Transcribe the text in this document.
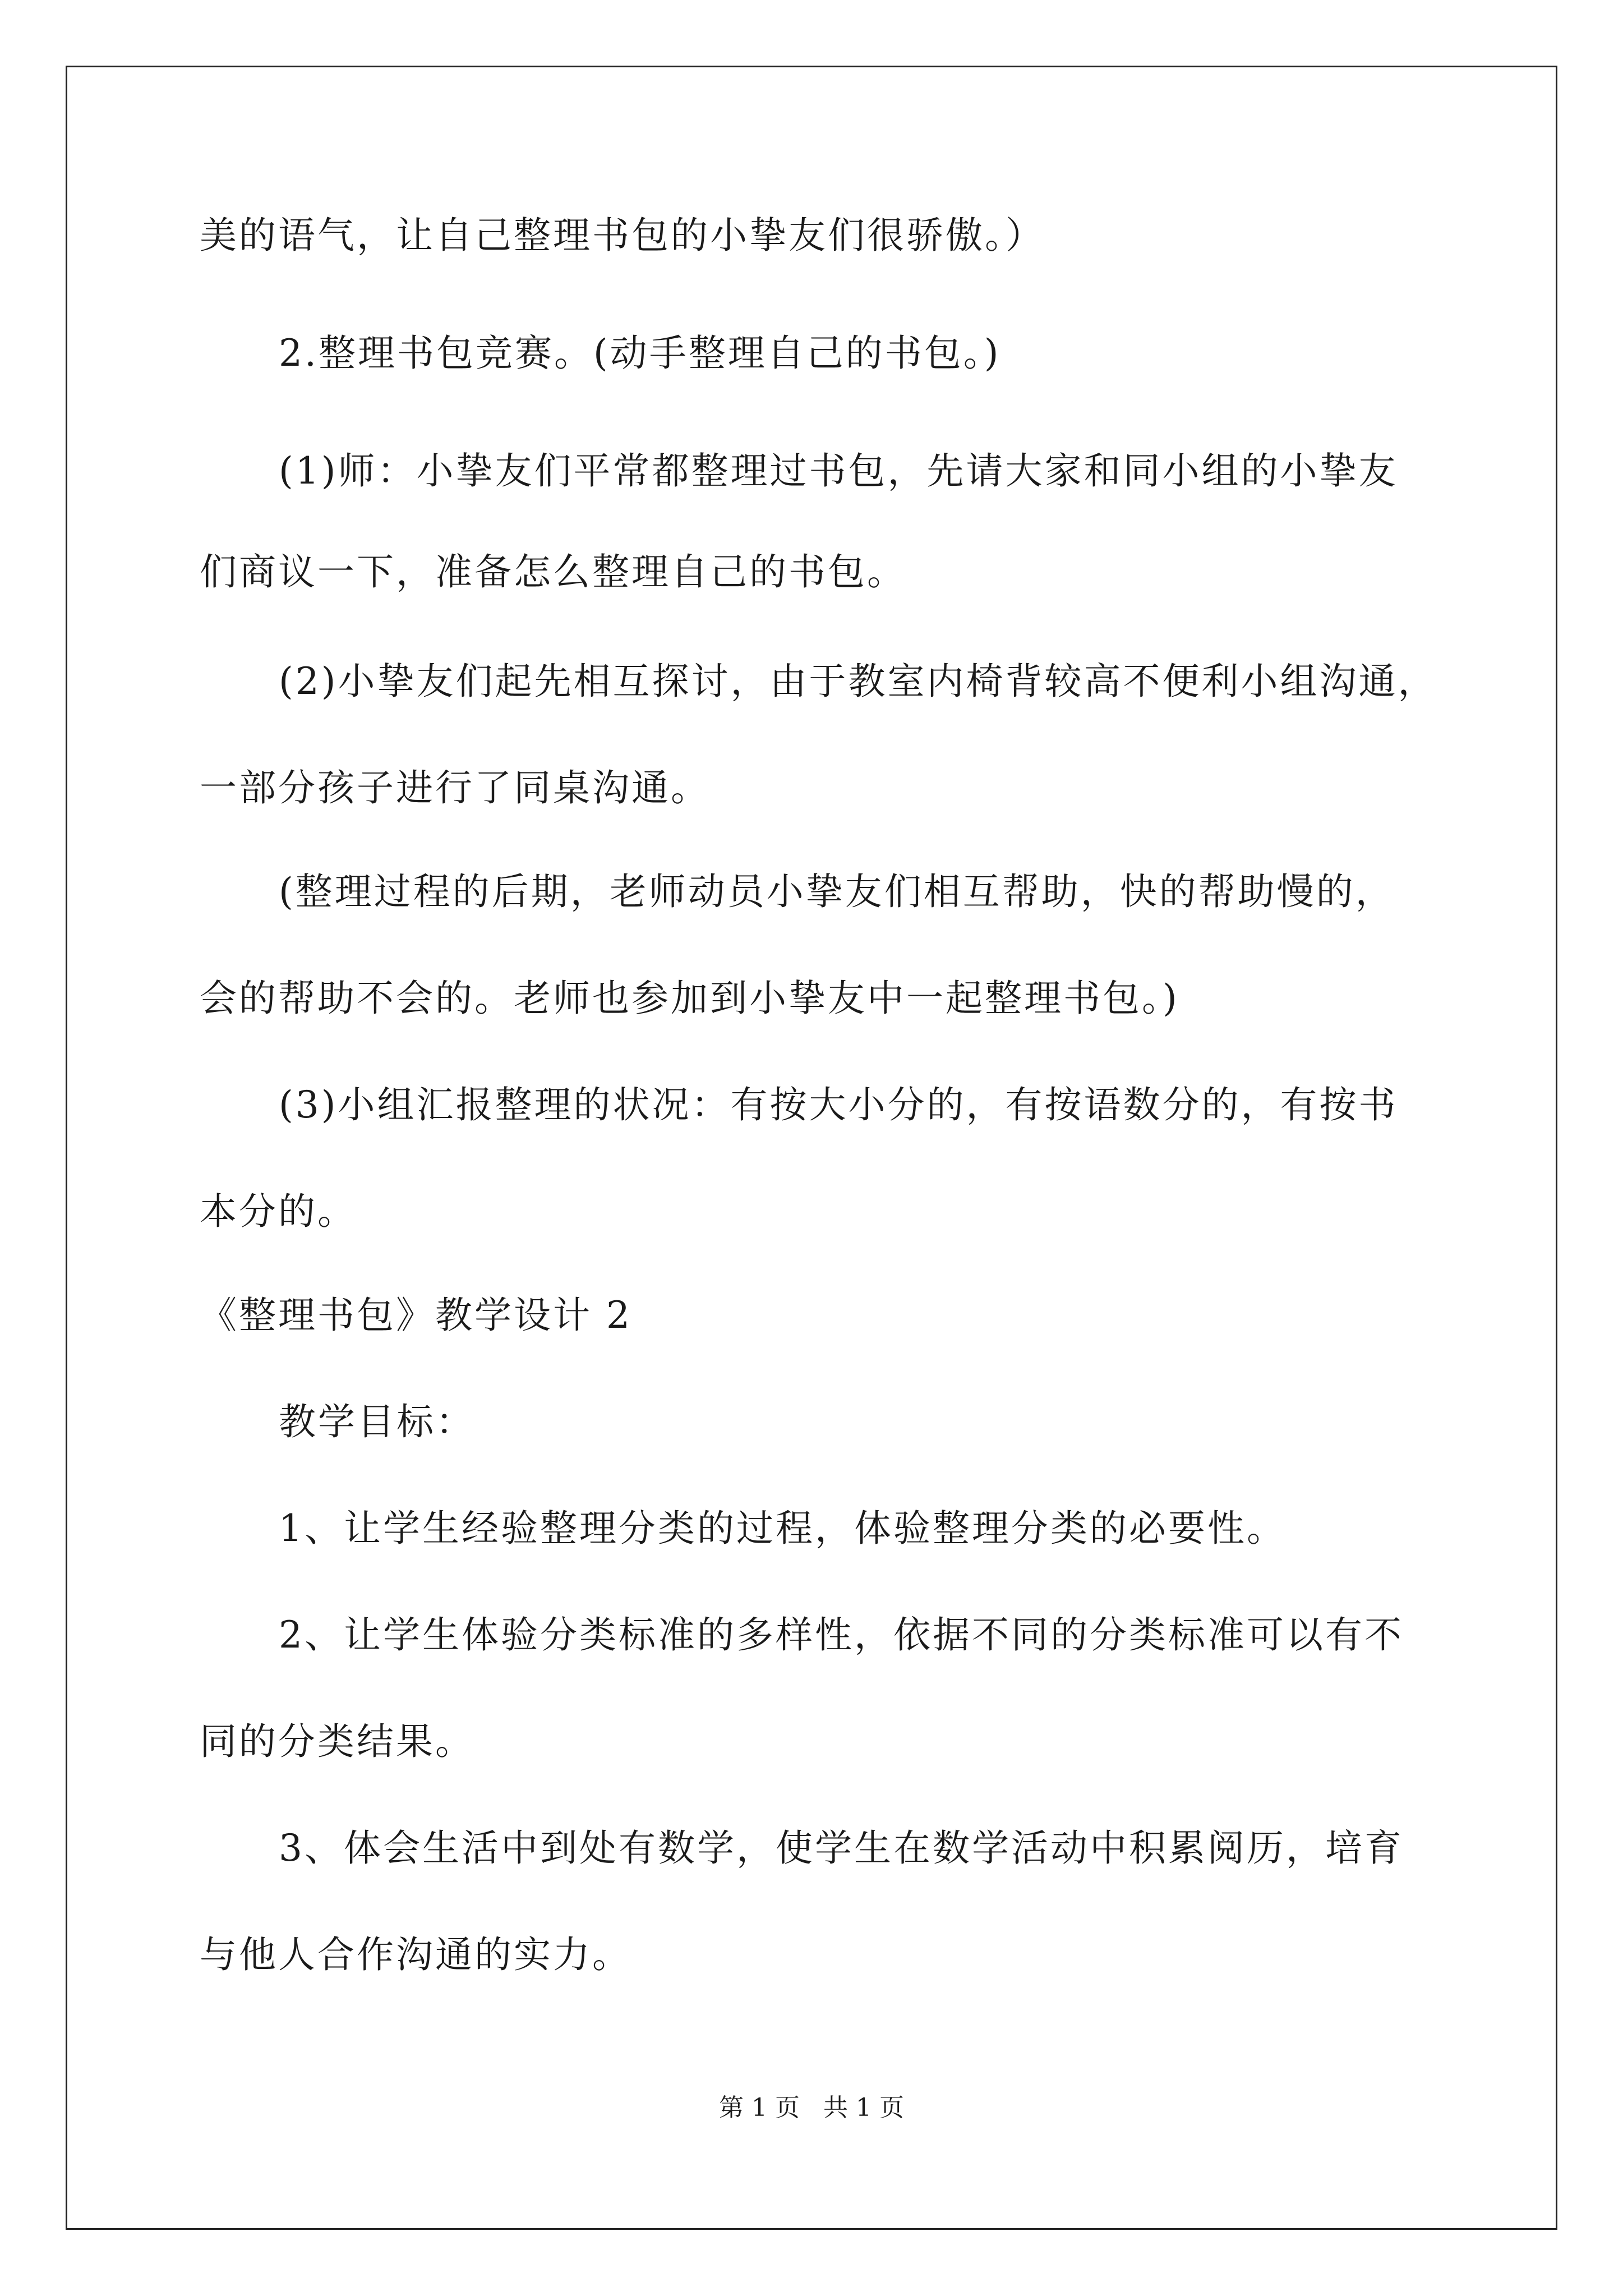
美的语气，让自己整理书包的小挚友们很骄傲。）
2.整理书包竞赛。(动手整理自己的书包。)
(1)师：小挚友们平常都整理过书包，先请大家和同小组的小挚友
们商议一下，准备怎么整理自己的书包。
(2)小挚友们起先相互探讨，由于教室内椅背较高不便利小组沟通，
一部分孩子进行了同桌沟通。
(整理过程的后期，老师动员小挚友们相互帮助，快的帮助慢的，
会的帮助不会的。老师也参加到小挚友中一起整理书包。)
(3)小组汇报整理的状况：有按大小分的，有按语数分的，有按书
本分的。
《整理书包》教学设计 2
教学目标：
1、让学生经验整理分类的过程，体验整理分类的必要性。
2、让学生体验分类标准的多样性，依据不同的分类标准可以有不
同的分类结果。
3、体会生活中到处有数学，使学生在数学活动中积累阅历，培育
与他人合作沟通的实力。
第 1 页   共 1 页
